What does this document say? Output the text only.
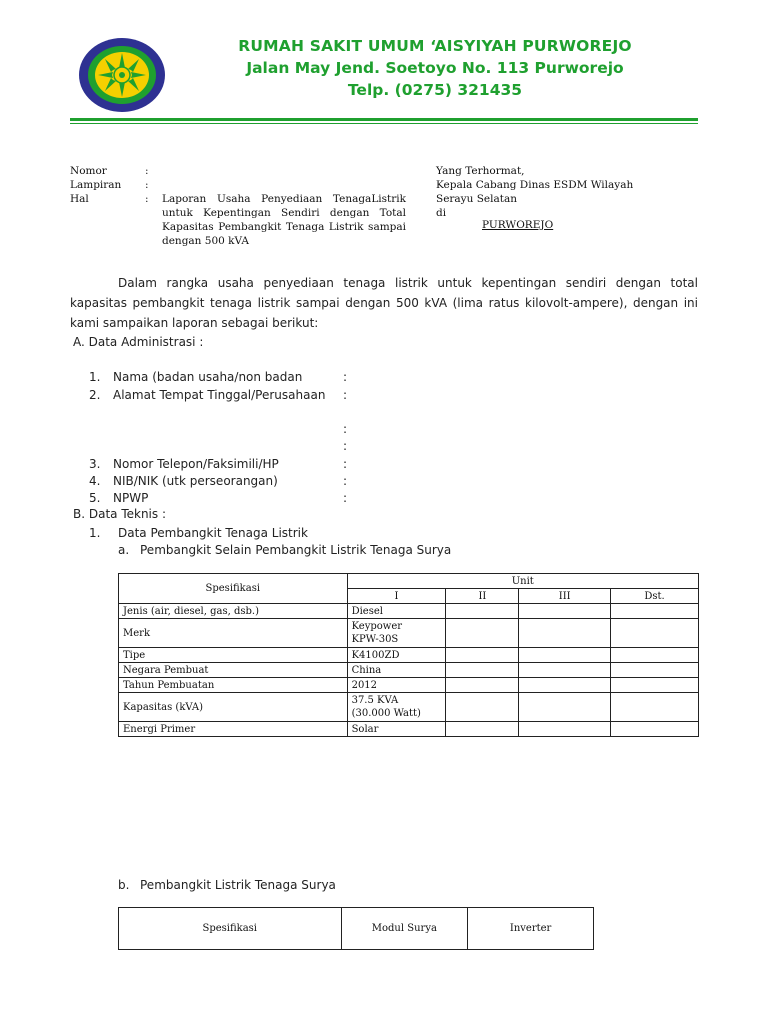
RUMAH SAKIT UMUM ‘AISYIYAH PURWOREJO
Jalan May Jend. Soetoyo No. 113 Purworejo
Telp. (0275) 321435
Nomor	:
Lampiran :
Hal	: Laporan Usaha Penyediaan TenagaListrik untuk Kepentingan Sendiri dengan Total Kapasitas Pembangkit Tenaga Listrik sampai dengan 500 kVA
Yang Terhormat,
Kepala Cabang Dinas ESDM Wilayah
Serayu Selatan
di
PURWOREJO
Dalam rangka usaha penyediaan tenaga listrik untuk kepentingan sendiri dengan total kapasitas pembangkit tenaga listrik sampai dengan 500 kVA (lima ratus kilovolt-ampere), dengan ini kami sampaikan laporan sebagai berikut:
A. Data Administrasi :
1. Nama (badan usaha/non badan	:
2. Alamat Tempat Tinggal/Perusahaan :
:
:
3. Nomor Telepon/Faksimili/HP	:
4. NIB/NIK (utk perseorangan)	:
5. NPWP	:
B. Data Teknis :
1. Data Pembangkit Tenaga Listrik
a. Pembangkit Selain Pembangkit Listrik Tenaga Surya
Spesifikasi	Unit			
	I	II	III	Dst.
Jenis (air, diesel, gas, dsb.)	Diesel			
Merk	Keypower
KPW-30S			

Tipe	K4100ZD			
Negara Pembuat	China			
Tahun Pembuatan	2012			
Kapasitas (kVA)	37.5 KVA
(30.000 Watt)			

Energi Primer	Solar			
b. Pembangkit Listrik Tenaga Surya
Spesifikasi	Modul Surya	Inverter
